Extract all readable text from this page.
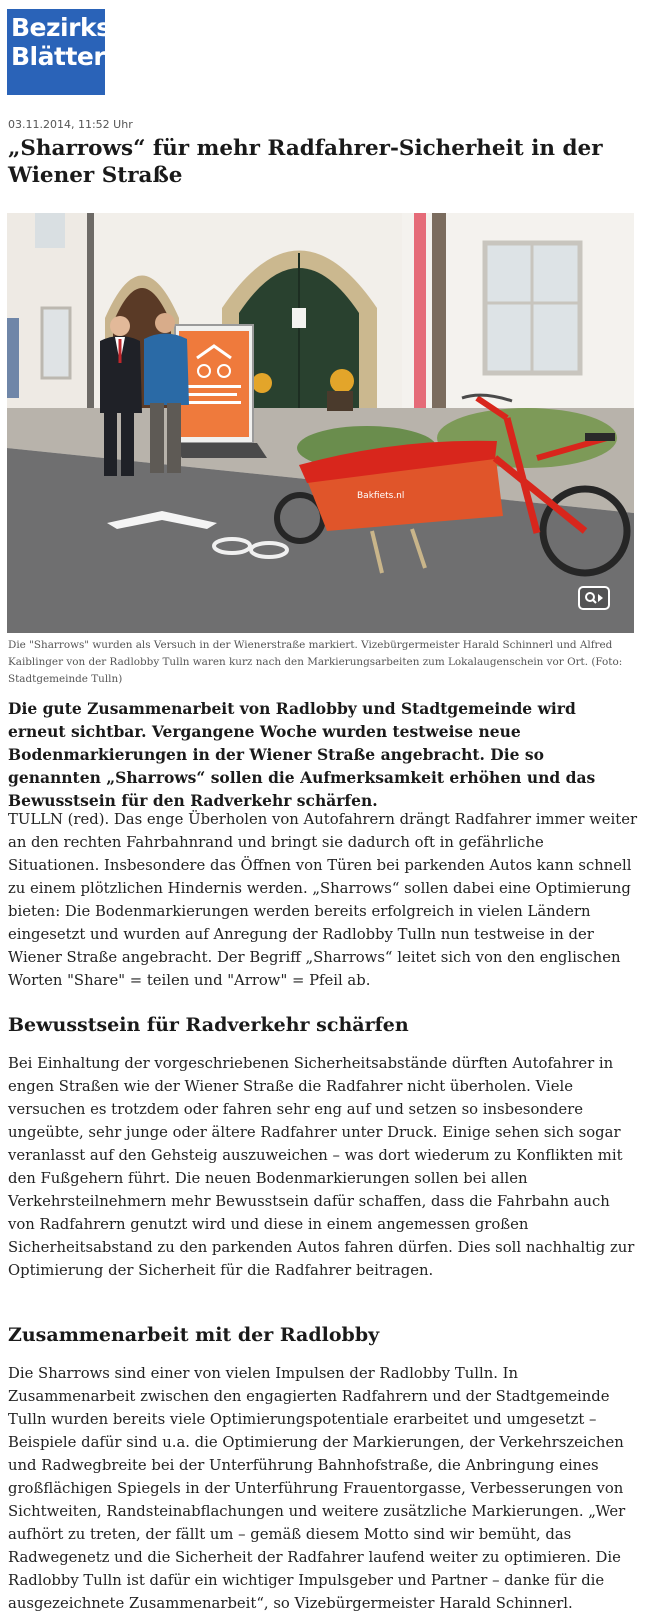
Bezirks
Blätter
03.11.2014, 11:52 Uhr
„Sharrows“ für mehr Radfahrer-Sicherheit in der Wiener Straße
Bakfiets.nl

Die "Sharrows" wurden als Versuch in der Wienerstraße markiert. Vizebürgermeister Harald Schinnerl und Alfred Kaiblinger von der Radlobby Tulln waren kurz nach den Markierungsarbeiten zum Lokalaugenschein vor Ort. (Foto: Stadtgemeinde Tulln)

Die gute Zusammenarbeit von Radlobby und Stadtgemeinde wird erneut sichtbar. Vergangene Woche wurden testweise neue Bodenmarkierungen in der Wiener Straße angebracht. Die so genannten „Sharrows“ sollen die Aufmerksamkeit erhöhen und das Bewusstsein für den Radverkehr schärfen.

TULLN (red). Das enge Überholen von Autofahrern drängt Radfahrer immer weiter an den rechten Fahrbahnrand und bringt sie dadurch oft in gefährliche Situationen. Insbesondere das Öffnen von Türen bei parkenden Autos kann schnell zu einem plötzlichen Hindernis werden. „Sharrows“ sollen dabei eine Optimierung bieten: Die Bodenmarkierungen werden bereits erfolgreich in vielen Ländern eingesetzt und wurden auf Anregung der Radlobby Tulln nun testweise in der Wiener Straße angebracht. Der Begriff „Sharrows“ leitet sich von den englischen Worten "Share" = teilen und "Arrow" = Pfeil ab.

Bewusstsein für Radverkehr schärfen

Bei Einhaltung der vorgeschriebenen Sicherheitsabstände dürften Autofahrer in engen Straßen wie der Wiener Straße die Radfahrer nicht überholen. Viele versuchen es trotzdem oder fahren sehr eng auf und setzen so insbesondere ungeübte, sehr junge oder ältere Radfahrer unter Druck. Einige sehen sich sogar veranlasst auf den Gehsteig auszuweichen – was dort wiederum zu Konflikten mit den Fußgehern führt. Die neuen Bodenmarkierungen sollen bei allen Verkehrsteilnehmern mehr Bewusstsein dafür schaffen, dass die Fahrbahn auch von Radfahrern genutzt wird und diese in einem angemessen großen Sicherheitsabstand zu den parkenden Autos fahren dürfen. Dies soll nachhaltig zur Optimierung der Sicherheit für die Radfahrer beitragen.

Zusammenarbeit mit der Radlobby

Die Sharrows sind einer von vielen Impulsen der Radlobby Tulln. In Zusammenarbeit zwischen den engagierten Radfahrern und der Stadtgemeinde Tulln wurden bereits viele Optimierungspotentiale erarbeitet und umgesetzt – Beispiele dafür sind u.a. die Optimierung der Markierungen, der Verkehrszeichen und Radwegbreite bei der Unterführung Bahnhofstraße, die Anbringung eines großflächigen Spiegels in der Unterführung Frauentorgasse, Verbesserungen von Sichtweiten, Randsteinabflachungen und weitere zusätzliche Markierungen. „Wer aufhört zu treten, der fällt um – gemäß diesem Motto sind wir bemüht, das Radwegenetz und die Sicherheit der Radfahrer laufend weiter zu optimieren. Die Radlobby Tulln ist dafür ein wichtiger Impulsgeber und Partner – danke für die ausgezeichnete Zusammenarbeit“, so Vizebürgermeister Harald Schinnerl.
